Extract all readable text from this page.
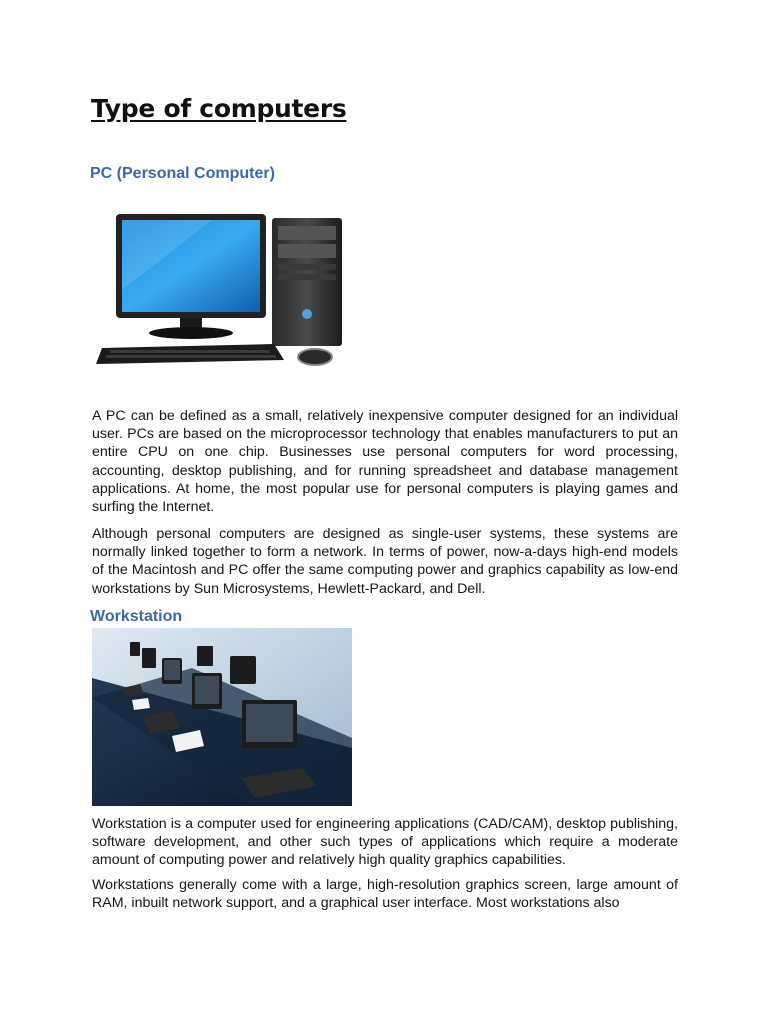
Type of computers
PC (Personal Computer)

A PC can be defined as a small, relatively inexpensive computer designed for an individual user. PCs are based on the microprocessor technology that enables manufacturers to put an entire CPU on one chip. Businesses use personal computers for word processing, accounting, desktop publishing, and for running spreadsheet and database management applications. At home, the most popular use for personal computers is playing games and surfing the Internet.

Although personal computers are designed as single-user systems, these systems are normally linked together to form a network. In terms of power, now-a-days high-end models of the Macintosh and PC offer the same computing power and graphics capability as low-end workstations by Sun Microsystems, Hewlett-Packard, and Dell.

Workstation

Workstation is a computer used for engineering applications (CAD/CAM), desktop publishing, software development, and other such types of applications which require a moderate amount of computing power and relatively high quality graphics capabilities.

Workstations generally come with a large, high-resolution graphics screen, large amount of RAM, inbuilt network support, and a graphical user interface. Most workstations also
